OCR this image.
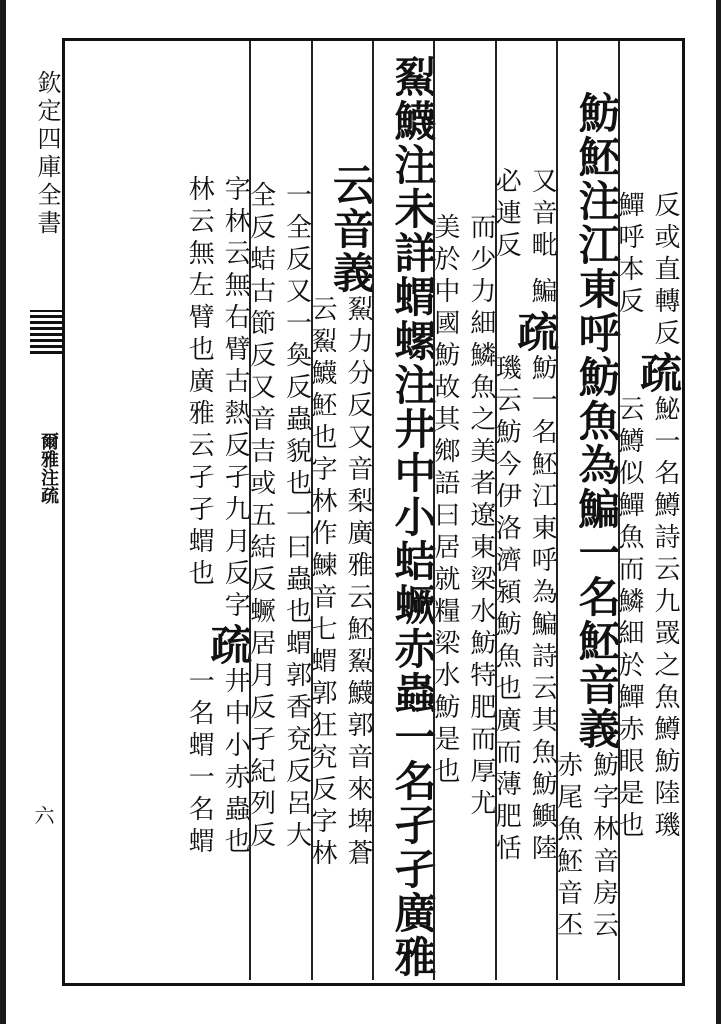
欽定四庫全書
爾雅注疏
六
反或直轉反
鱓呼本反
疏
鮅一名鱒詩云九罭之魚鱒魴陸璣
云鱒似鱓魚而鱗細於鱓赤眼是也
魴魾注江東呼魴魚為鯿一名魾音義
魴字林音房云
赤尾魚魾音丕
又音毗 鯿
必連反
疏
魴一名魾江東呼為鯿詩云其魚魴鱮陸
璣云魴今伊洛濟潁魴魚也廣而薄肥恬
而少力細鱗魚之美者遼東梁水魴特肥而厚尤
美於中國魴故其鄉語曰居就糧梁水魴是也
鮤鱴注未詳蝟螺注井中小蛣蟩赤蟲一名孑孑廣雅
云音義
鮤力分反又音梨廣雅云魾鮤鱴郭音來埤蒼
云鮤鱴魾也字林作鰊音七蝟郭狂究反字林
一全反又一奐反蟲貌也一曰蟲也蝟郭香兗反呂大
全反蛣古節反又音吉或五結反蟩居月反孑紀列反
字林云無右臂古熱反孑九月反字
林云無左臂也廣雅云孑孑蝟也
疏
井中小赤蟲也
一名蝟一名蝟
